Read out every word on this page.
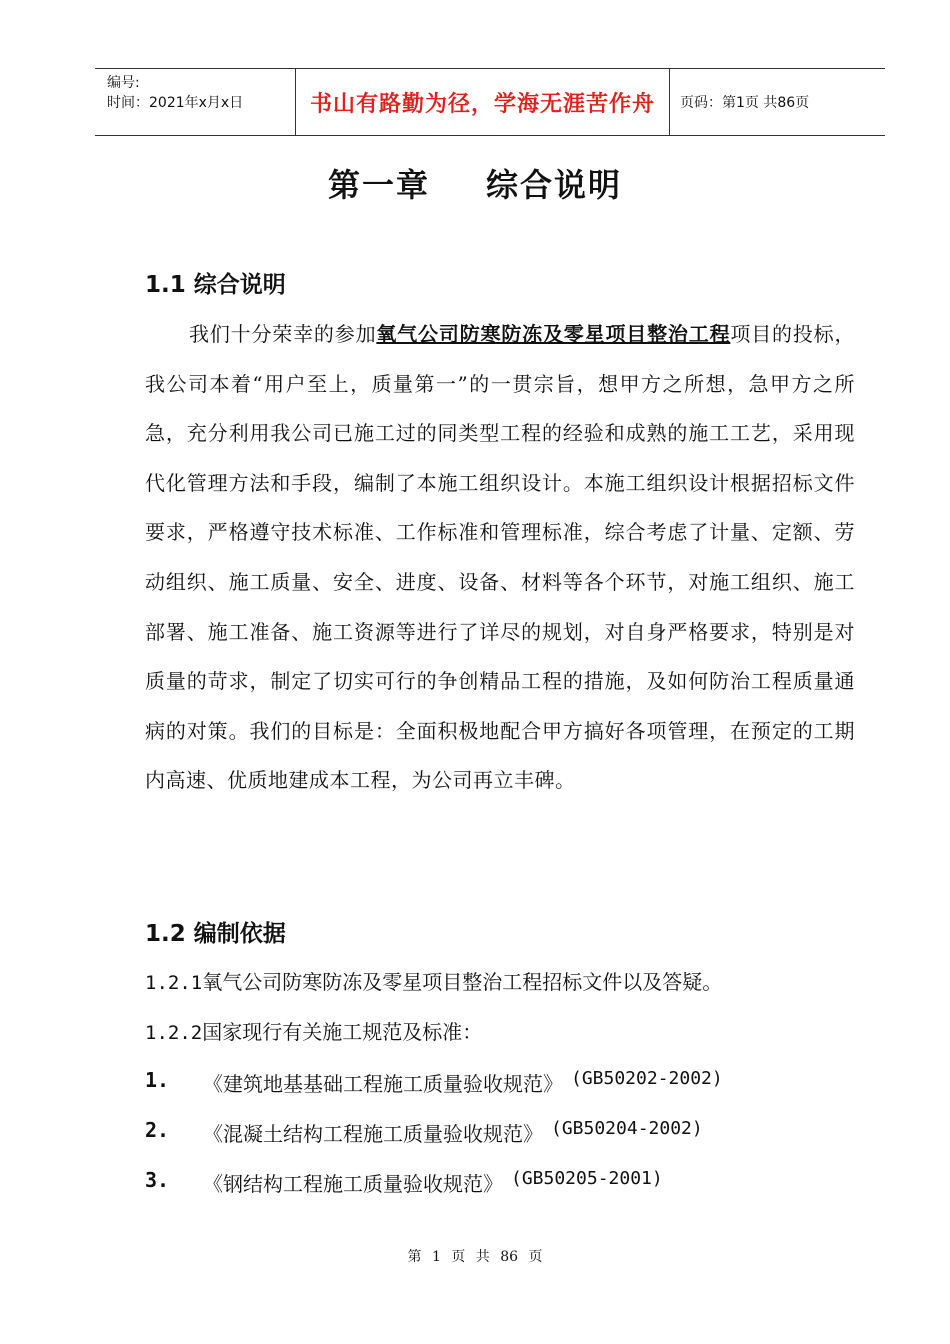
编号:
时间：2021年x月x日	书山有路勤为径，学海无涯苦作舟	页码：第1页 共86页
第一章 综合说明
1.1 综合说明
我们十分荣幸的参加氧气公司防寒防冻及零星项目整治工程项目的投标，我公司本着“用户至上，质量第一”的一贯宗旨，想甲方之所想，急甲方之所急，充分利用我公司已施工过的同类型工程的经验和成熟的施工工艺，采用现代化管理方法和手段，编制了本施工组织设计。本施工组织设计根据招标文件要求，严格遵守技术标准、工作标准和管理标准，综合考虑了计量、定额、劳动组织、施工质量、安全、进度、设备、材料等各个环节，对施工组织、施工部署、施工准备、施工资源等进行了详尽的规划，对自身严格要求，特别是对质量的苛求，制定了切实可行的争创精品工程的措施，及如何防治工程质量通病的对策。我们的目标是：全面积极地配合甲方搞好各项管理，在预定的工期内高速、优质地建成本工程，为公司再立丰碑。
1.2 编制依据
1.2.1氧气公司防寒防冻及零星项目整治工程招标文件以及答疑。
1.2.2国家现行有关施工规范及标准：
1.	《建筑地基基础工程施工质量验收规范》 (GB50202-2002)
2.	《混凝土结构工程施工质量验收规范》 (GB50204-2002)
3.	《钢结构工程施工质量验收规范》 (GB50205-2001)
第 1 页 共 86 页
